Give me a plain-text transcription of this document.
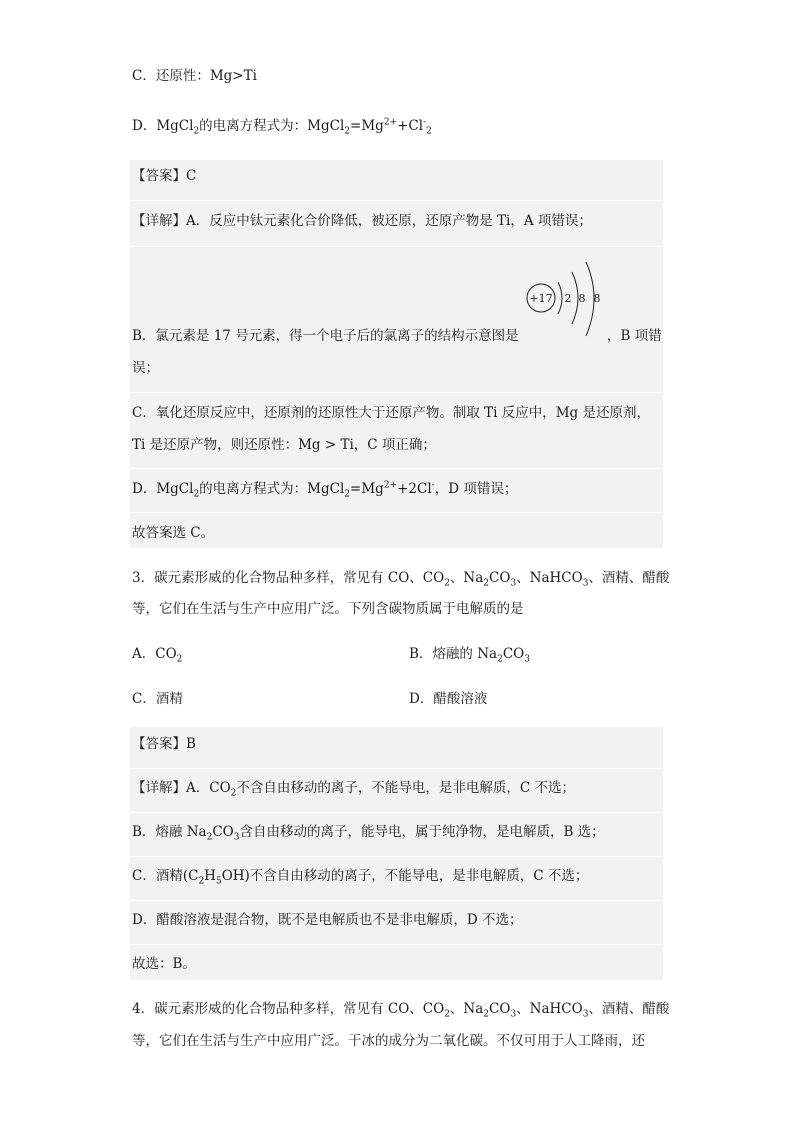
C．还原性：Mg>Ti
D．MgCl$_2$的电离方程式为：$MgCl_2=Mg^{2+}+Cl^-_2$
【答案】C
【详解】A．反应中钛元素化合价降低，被还原，还原产物是 Ti，A 项错误；
+17 2 8 8
B．氯元素是 17 号元素，得一个电子后的氯离子的结构示意图是	，B 项错
误；
C．氧化还原反应中，还原剂的还原性大于还原产物。制取 Ti 反应中，Mg 是还原剂，
Ti 是还原产物，则还原性：Mg > Ti，C 项正确；
D．MgCl$_2$的电离方程式为：$MgCl_2=Mg^{2+}+2Cl^-$，D 项错误；
故答案选 C。
3．碳元素形威的化合物品种多样，常见有 CO、$CO_2$、$Na_2CO_3$、NaHCO$_3$、酒精、醋酸
等，它们在生活与生产中应用广泛。下列含碳物质属于电解质的是
A．$CO_2$	B．熔融的 $Na_2CO_3$
C．酒精	D．醋酸溶液
【答案】B
【详解】A．$CO_2$不含自由移动的离子，不能导电，是非电解质，C 不选；
B．熔融 $Na_2CO_3$含自由移动的离子，能导电，属于纯净物，是电解质，B 选；
C．酒精$(C_2H_5OH)$不含自由移动的离子，不能导电，是非电解质，C 不选；
D．醋酸溶液是混合物，既不是电解质也不是非电解质，D 不选；
故选：B。
4．碳元素形威的化合物品种多样，常见有 CO、$CO_2$、$Na_2CO_3$、NaHCO$_3$、酒精、醋酸
等，它们在生活与生产中应用广泛。干冰的成分为二氧化碳。不仅可用于人工降雨，还
